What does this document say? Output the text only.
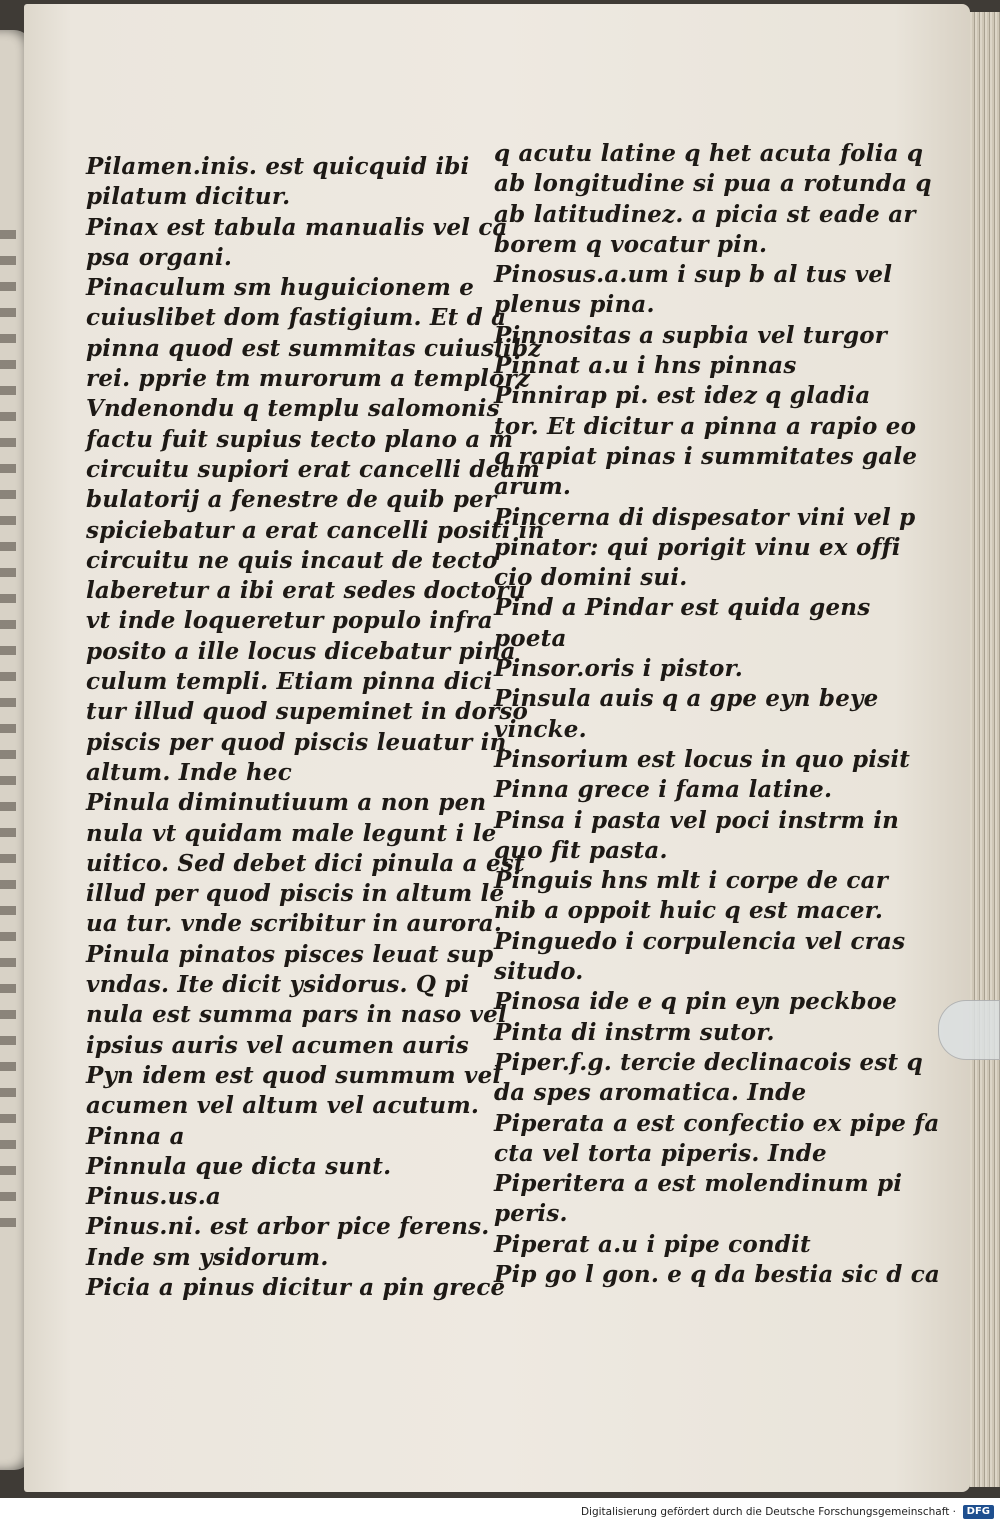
Pilamen.inis. est quicquid ibi
pilatum dicitur.
Pinax est tabula manualis vel ca
psa organi.
Pinaculum sm huguicionem e
cuiuslibet dom fastigium. Et d a
pinna quod est summitas cuiuslibz
rei. pprie tm murorum a templorz
Vndenondu q templu salomonis
factu fuit supius tecto plano a m
circuitu supiori erat cancelli deam
bulatorij a fenestre de quib per
spiciebatur a erat cancelli positi in
circuitu ne quis incaut de tecto
laberetur a ibi erat sedes doctoru
vt inde loqueretur populo infra
posito a ille locus dicebatur pina
culum templi. Etiam pinna dici
tur illud quod supeminet in dorso
piscis per quod piscis leuatur in
altum. Inde hec
Pinula diminutiuum a non pen
nula vt quidam male legunt i le
uitico. Sed debet dici pinula a est
illud per quod piscis in altum le
ua tur. vnde scribitur in aurora.
Pinula pinatos pisces leuat sup
vndas. Ite dicit ysidorus. Q pi
nula est summa pars in naso vel
ipsius auris vel acumen auris
Pyn idem est quod summum vel
acumen vel altum vel acutum.
Pinna a
Pinnula que dicta sunt.
Pinus.us.a
Pinus.ni. est arbor pice ferens.
Inde sm ysidorum.
Picia a pinus dicitur a pin grece
q acutu latine q het acuta folia q
ab longitudine si pua a rotunda q
ab latitudinez. a picia st eade ar
borem q vocatur pin.
Pinosus.a.um i sup b al tus vel
plenus pina.
Pinnositas a supbia vel turgor
Pinnat a.u i hns pinnas
Pinnirap pi. est idez q gladia
tor. Et dicitur a pinna a rapio eo
q rapiat pinas i summitates gale
arum.
Pincerna di dispesator vini vel p
pinator: qui porigit vinu ex offi
cio domini sui.
Pind a Pindar est quida gens
poeta
Pinsor.oris i pistor.
Pinsula auis q a gpe eyn beye
vincke.
Pinsorium est locus in quo pisit
Pinna grece i fama latine.
Pinsa i pasta vel poci instrm in
quo fit pasta.
Pinguis hns mlt i corpe de car
nib a oppoit huic q est macer.
Pinguedo i corpulencia vel cras
situdo.
Pinosa ide e q pin eyn peckboe
Pinta di instrm sutor.
Piper.f.g. tercie declinacois est q
da spes aromatica. Inde
Piperata a est confectio ex pipe fa
cta vel torta piperis. Inde
Piperitera a est molendinum pi
peris.
Piperat a.u i pipe condit
Pip go l gon. e q da bestia sic d ca
Digitalisierung gefördert durch die Deutsche Forschungsgemeinschaft ·	DFG
